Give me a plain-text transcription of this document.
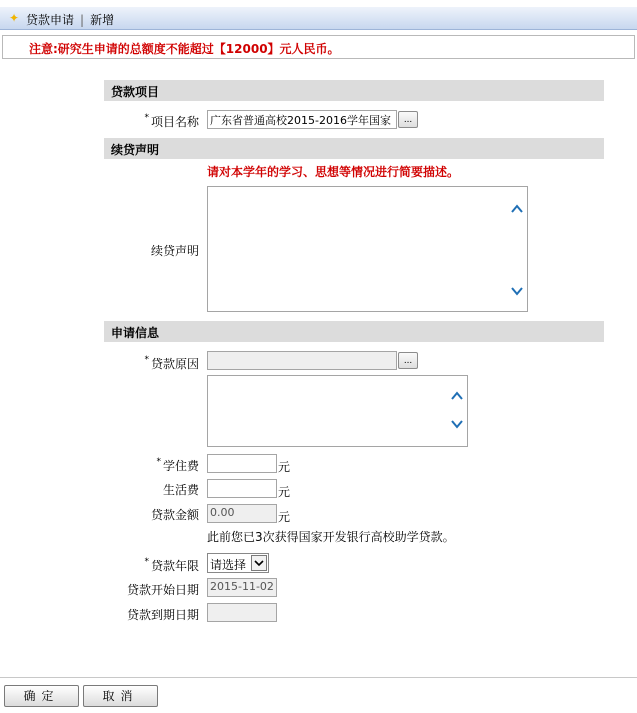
✦ 贷款申请 | 新增
注意:研究生申请的总额度不能超过【12000】元人民币。
贷款项目
* 项目名称 广东省普通高校2015-2016学年国家	...
续贷声明
请对本学年的学习、思想等情况进行简要描述。
续贷声明
申请信息
* 贷款原因	...
* 学住费	元
生活费	元
贷款金额 0.00	元
此前您已3次获得国家开发银行高校助学贷款。
* 贷款年限 请选择
贷款开始日期 2015-11-02
贷款到期日期
确定	取消
